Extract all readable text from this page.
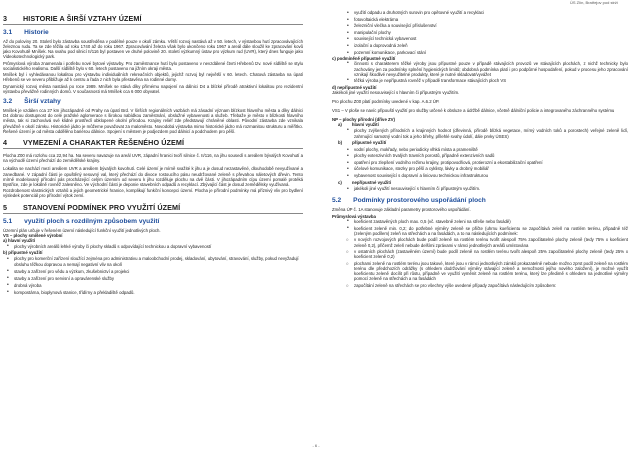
ÚS Zlín, Bratřejov pod strží
3	HISTORIE A ŠIRŠÍ VZTAHY ÚZEMÍ
3.1 Historie

Až do poloviny 20. Století bylo zástavba soustředěna v podélné pouze v okolí zámku. Větší rozvoj nastává až v 50. letech, v výstavbou hutí zpracovávajících železnou rudu. Ta se zde těžila od roku 1740 až do roku 1967. Zpracovávání železa však bylo ukončeno roku 1967 a areál dále sloužil ke zpracování kovů jako Kovohutě Mníšek. Na svahu pod silnicí II/116 byl postaven ve druhé polovině 20. století výzkumný ústav pro výzkum rud (UVR), který dnes funguje jako Videokotechnologický park.

Průmyslová výroba znamenala i potřebu nové bytové výstavby. Pro zaměstnance hutí bylo postaveno v nevzdálené čtvrti Hřebenů tzv. nové sídliště se stylu socialistického realismu. Další sídliště bylo v 60. letech postaveno na jižním okraji města.

Mníšek byl i vyhledávanou lokalitou pro výstavbu individuálních rekreačních objektů, jejichž rozvoj byl největší v 60. letech. Chatová zástavba na úpatí Hřebenů se ve severu přibližuje až k centru a řada z nich byla přestavěna na rodinné domy.

Dynamický rozvoj města nastává po roce 1989. Mníšek se stává díky přímému napojení na dálnici D4 a blízké přírodě atraktivní lokalitou pro rezidentní výstavbu převážně rodinných domů. V současnosti má Mníšek cca 6 000 obyvatel.

3.2 Širší vztahy

Mníšek je vzdálen cca 27 km jihozápadně od Prahy na úpatí Brd. V širších regionálních vazbách má zásadní význam blízkost hlavního města a díky dálnici D4 dobrou dostupnost do celé pražské aglomerace s širokou nabídkou zaměstnání, obslužné vybavenosti a služeb. Třebaže je město v blízkosti hlavního města, tak si zachovává své klidné prostředí obklopené okolní přírodou. Krajiny reliéf zde představují chráněné oblasti. Původní zástavba zde vznikala převážně v okolí zámku. Historické jádro je můžeme považovat za maloměsto. Novodobá výstavba mimo historické jádro má rozmanitou strukturu a měřítko. Řešené území je od města oddělěno bariérou dálnice. Spojení s městem je podjezdem pod dálnicí a podchodem pro pěší.

4	VYMEZENÍ A CHARAKTER ŘEŠENÉHO ÚZEMÍ

Plocha Z00 má rozlohu cca 22,94 ha. Na severu navazuje na areál UVR, západní hranici tvoří silnice č. II/116, na jihu sousedí s areálem bývalých Kovohutí a na východě území přechází do zemědělské krajiny.

Lokalita se nachází mezi areálem UVR a areálem bývalých kovohutí. Celé území je mírně svažité k jihu a je dosud nezastavěné, dlouhodobě nevyužívané a zanedbané. V západní části je opuštěný sesuvný val, který přechází do divoce rostoucího pásu neudržované zeleně s převahou náletových dřevin. Tento mírně modelovaný přírodní pás procházející celým územím od severu k jihu rozděluje plochu na dvě části. V jihozápadním cípu území pomalé protéká Bystřice, zde je lokálně rovněž zalesněno. Ve východní části je deponie stavebních odpadů a recyklací. Zbývající část je dosud zemědělsky využívaná.

Rozdrobenost vlastnických vztahů a jejich geometrické hranice, komplikují funkční koncepci území. Plocha je přírodní podmínky má příznivý vliv pro bydlení výsledek potenciál pro přírodní výtok zemí.

5	STANOVENÍ PODMÍNEK PRO VYUŽITÍ ÚZEMÍ
5.1 využití ploch s rozdílným způsobem využití

Územní plán určuje v řešeném území následující funkční využití jednotlivých ploch.

VS – plochy smíšené výrobní

a) hlavní využití

• plochy výrobních areálů lehké výroby či plochy skladů s odpovídající technickou a dopravní vybaveností

b) přípustné využití

• plochy pro komerční zařízení sloužící zejména pro administrativu a maloobchodní prodej, skladování, ubytování, stravování, služby, pokud nevyžadují obsluhu těžkou dopravou a nemají negativní vliv na okolí
• stavby a zařízení pro vědu a výzkum, zkušebnictví a projekci
• stavby a zařízení pro servisní a opravárenské služby
• drobná výroba
• kompostárna, bioplynová stanice, třídírny a překladiště odpadů.
• využití odpadu a druhotných surovin pro opětovné využití a recyklaci
• fotovoltaická elektrárna
• železniční vlečka a související příslušenství
• manipulační plochy
• související technická vybavenost
• izolační a doprovodná zeleň
• pozemní komunikace, parkovací stání

c) podmíněně přípustné využití

• činnosti s charakterem těžké výroby jsou přípustné pouze v případě stávajících provozů ve stávajících plochách, z nichž technicky bylo zachovány jen za podmínky splnění hygienických limitů; obdobná podmínka platí i pro podpůrné hospodaření, pokud v procesu jeho zpracování vznikají škodlivé nevyužitelné produkty, které je nutné skladovat/vyvážet
• těžká výroba je nepřípustná rovněž v případě transformace stávajících ploch VS

d) nepřípustné využití

Jakékoli jiné využití nesouvisející s hlavním či přípustným využitím.

Pro plochu Z00 platí podmínky uvedené v kap. A.6.2 ÚP.

VS1 – V ploše se navíc připouští využití pro služby určené k obsluze a údržbě dálnice, včetně dálniční policie a integrovaného záchranného systému

NP – plochy přírodní (dříve ZV)

a) hlavní využití
• plochy zvýšených přírodních a krajinných hodnot (dřevinná, přírodě blízká vegetace, mírný vodních toků a porostech) veřejné zeleně lidí, zahrnující samotný vodní tok a jeho břehy, přilehlé svahy údolí, dále prvky ÚSES)
b) přípustné využití
• vodní plochy, mokřady, nebo periodicky vlhká místa a prameniště
• plochy extenzivních trvalých travních porostů, případně extenzivních sadů
• opatření pro zlepšení vodního režimu krajiny, protipovodňová, protierozní a ekostabilizační opatření
• účelové komunikace, stezky pro pěší a cyklisty, lávky a drobný mobiliář
• vybavenost související s dopravní a liniovou technickou infrastrukturou
c) nepřípustné využití
• jakékoli jiné využití nesouvisející s hlavním či přípustným využitím.
5.2 Podmínky prostorového uspořádání ploch

Změna ÚP č. 1A stanovuje základní parametry prostorového uspořádání.

Průmyslová výstavba

• koeficient zastavěných ploch max. 0,5 (vč. stavebně zeleni na střeše nebo fasádě)
• koeficient zeleně min. 0,2; do potřebné výměry zeleně se přičte (uhrnu koeficientu se započítává zeleň na rostlém terénu, případně též (zeleným podílem) zeleň na střechách a na fasádách, a to na následujících podmínek:
○ v nových rozvojových plochách bude podíl zeleně na rostlém terénu tvořit alespoň 75% započitatelné plochy zeleně (tedy 75% x koeficient zeleně 0,2), přičemž zeleň nebude delšími zprávami v rámci jednotlivých areálů umístována
○ v ostatních plochách (zastavěném území) bude podíl zeleně na rostlém terénu tvořit alespoň 25% započitatelné plochy zeleně (tedy 25% x koeficient zeleně 0,2)
○ plochami zeleně na rostlém terénu jsou takové, které jsou v rámci jednotlivých zámků prokazatelně nebude možno zprst podíl zeleně na rostlém terénu dle předchozích odrážky (s ohledem dodržování výměry stávající zeleně a nemožnosti jejího nového založení), je možné využít koeficientu zeleně docílit při růstu, případně ve využití vyměnit zeleně na rostlém terénu, který lze předimě s ohledem na jednotlivé výměry pomocí zeleně na střechách a na fasádách
○ započítání zeleně na střechách se pro všechny výše uvedené případy započítává následujícím způsobem:
- 6 -
